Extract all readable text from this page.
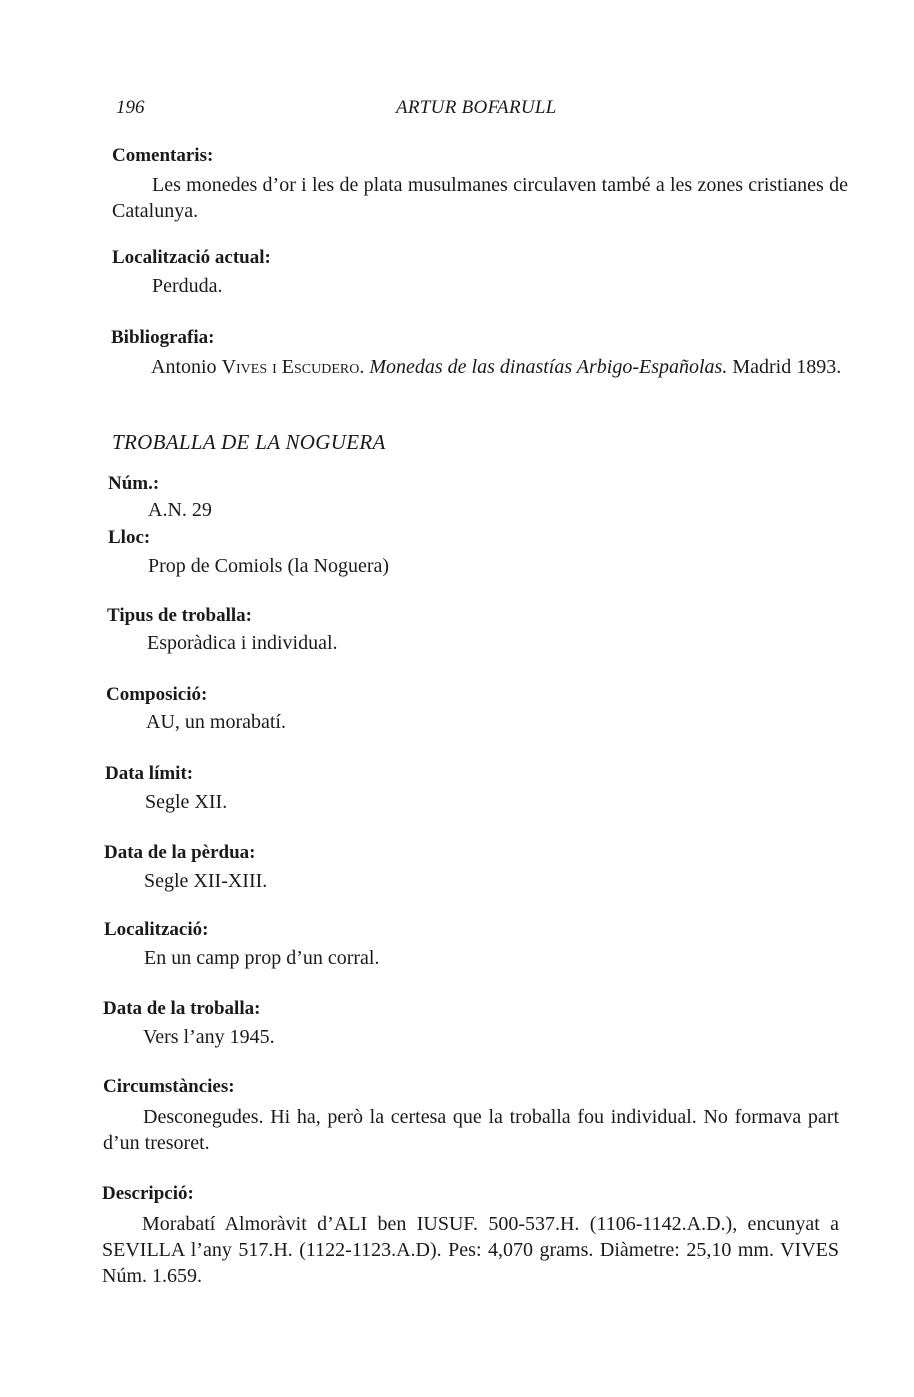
196	ARTUR BOFARULL
Comentaris:
Les monedes d’or i les de plata musulmanes circulaven també a les zones cristianes de Catalunya.
Localització actual:
Perduda.
Bibliografia:
Antonio Vives i Escudero. Monedas de las dinastías Arbigo-Españolas. Madrid 1893.
TROBALLA DE LA NOGUERA
Núm.:
A.N. 29
Lloc:
Prop de Comiols (la Noguera)
Tipus de troballa:
Esporàdica i individual.
Composició:
AU, un morabatí.
Data límit:
Segle XII.
Data de la pèrdua:
Segle XII-XIII.
Localització:
En un camp prop d’un corral.
Data de la troballa:
Vers l’any 1945.
Circumstàncies:
Desconegudes. Hi ha, però la certesa que la troballa fou individual. No formava part d’un tresoret.
Descripció:
Morabatí Almoràvit d’ALI ben IUSUF. 500-537.H. (1106-1142.A.D.), encunyat a SEVILLA l’any 517.H. (1122-1123.A.D). Pes: 4,070 grams. Diàmetre: 25,10 mm. VIVES Núm. 1.659.
